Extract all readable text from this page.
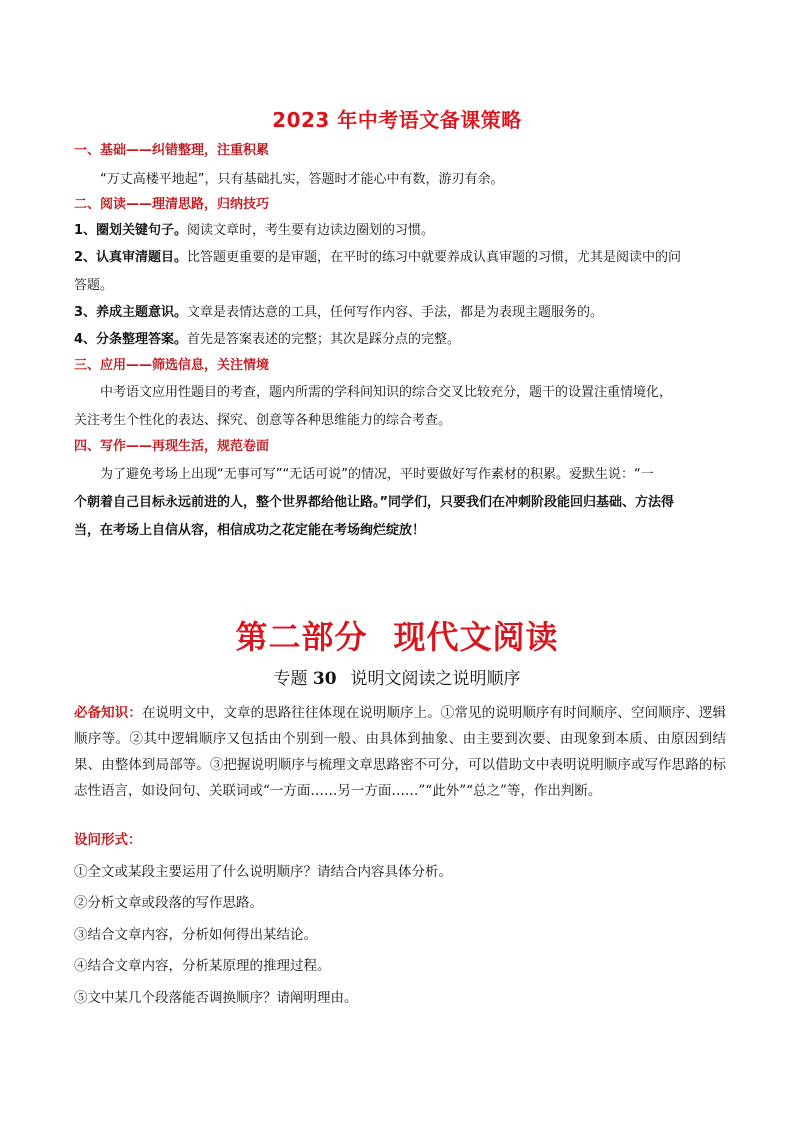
2023 年中考语文备课策略
一、基础——纠错整理，注重积累
“万丈高楼平地起”，只有基础扎实，答题时才能心中有数，游刃有余。
二、阅读——理清思路，归纳技巧
1、圈划关键句子。阅读文章时，考生要有边读边圈划的习惯。
2、认真审清题目。比答题更重要的是审题，在平时的练习中就要养成认真审题的习惯，尤其是阅读中的问
答题。
3、养成主题意识。文章是表情达意的工具，任何写作内容、手法，都是为表现主题服务的。
4、分条整理答案。首先是答案表述的完整；其次是踩分点的完整。
三、应用——筛选信息，关注情境
中考语文应用性题目的考查，题内所需的学科间知识的综合交叉比较充分，题干的设置注重情境化，
关注考生个性化的表达、探究、创意等各种思维能力的综合考查。
四、写作——再现生活，规范卷面
为了避免考场上出现“无事可写”“无话可说”的情况，平时要做好写作素材的积累。爱默生说：“一
个朝着自己目标永远前进的人，整个世界都给他让路。”同学们，只要我们在冲刺阶段能回归基础、方法得
当，在考场上自信从容，相信成功之花定能在考场绚烂绽放！
第二部分 现代文阅读
专题 30 说明文阅读之说明顺序
必备知识：在说明文中，文章的思路往往体现在说明顺序上。①常见的说明顺序有时间顺序、空间顺序、逻辑顺序等。②其中逻辑顺序又包括由个别到一般、由具体到抽象、由主要到次要、由现象到本质、由原因到结果、由整体到局部等。③把握说明顺序与梳理文章思路密不可分，可以借助文中表明说明顺序或写作思路的标志性语言，如设问句、关联词或“一方面……另一方面……”“此外”“总之”等，作出判断。
设问形式：
①全文或某段主要运用了什么说明顺序？请结合内容具体分析。
②分析文章或段落的写作思路。
③结合文章内容，分析如何得出某结论。
④结合文章内容，分析某原理的推理过程。
⑤文中某几个段落能否调换顺序？请阐明理由。
